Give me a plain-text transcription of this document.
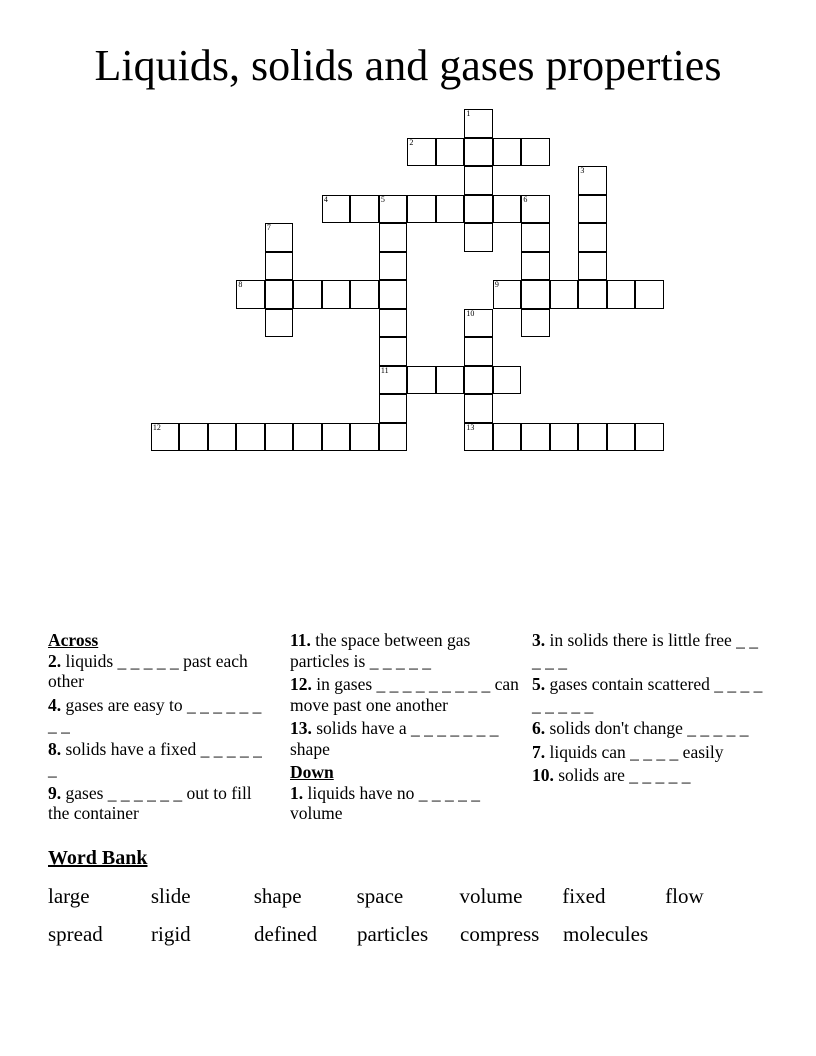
Liquids, solids and gases properties
1
2
3
4	5	6
11
7
8	9
10
13
12
Across
2. liquids _ _ _ _ _ past each other
4. gases are easy to _ _ _ _ _ _ _ _
8. solids have a fixed _ _ _ _ _ _
9. gases _ _ _ _ _ _ out to fill the container
11. the space between gas particles is _ _ _ _ _
12. in gases _ _ _ _ _ _ _ _ _ can move past one another
13. solids have a _ _ _ _ _ _ _ shape
Down
1. liquids have no _ _ _ _ _ volume
3. in solids there is little free _ _ _ _ _
5. gases contain scattered _ _ _ _ _ _ _ _ _
6. solids don't change _ _ _ _ _
7. liquids can _ _ _ _ easily
10. solids are _ _ _ _ _
Word Bank
large	slide	shape	space	volume	fixed	flow
spread	rigid	defined	particles	compress	molecules
